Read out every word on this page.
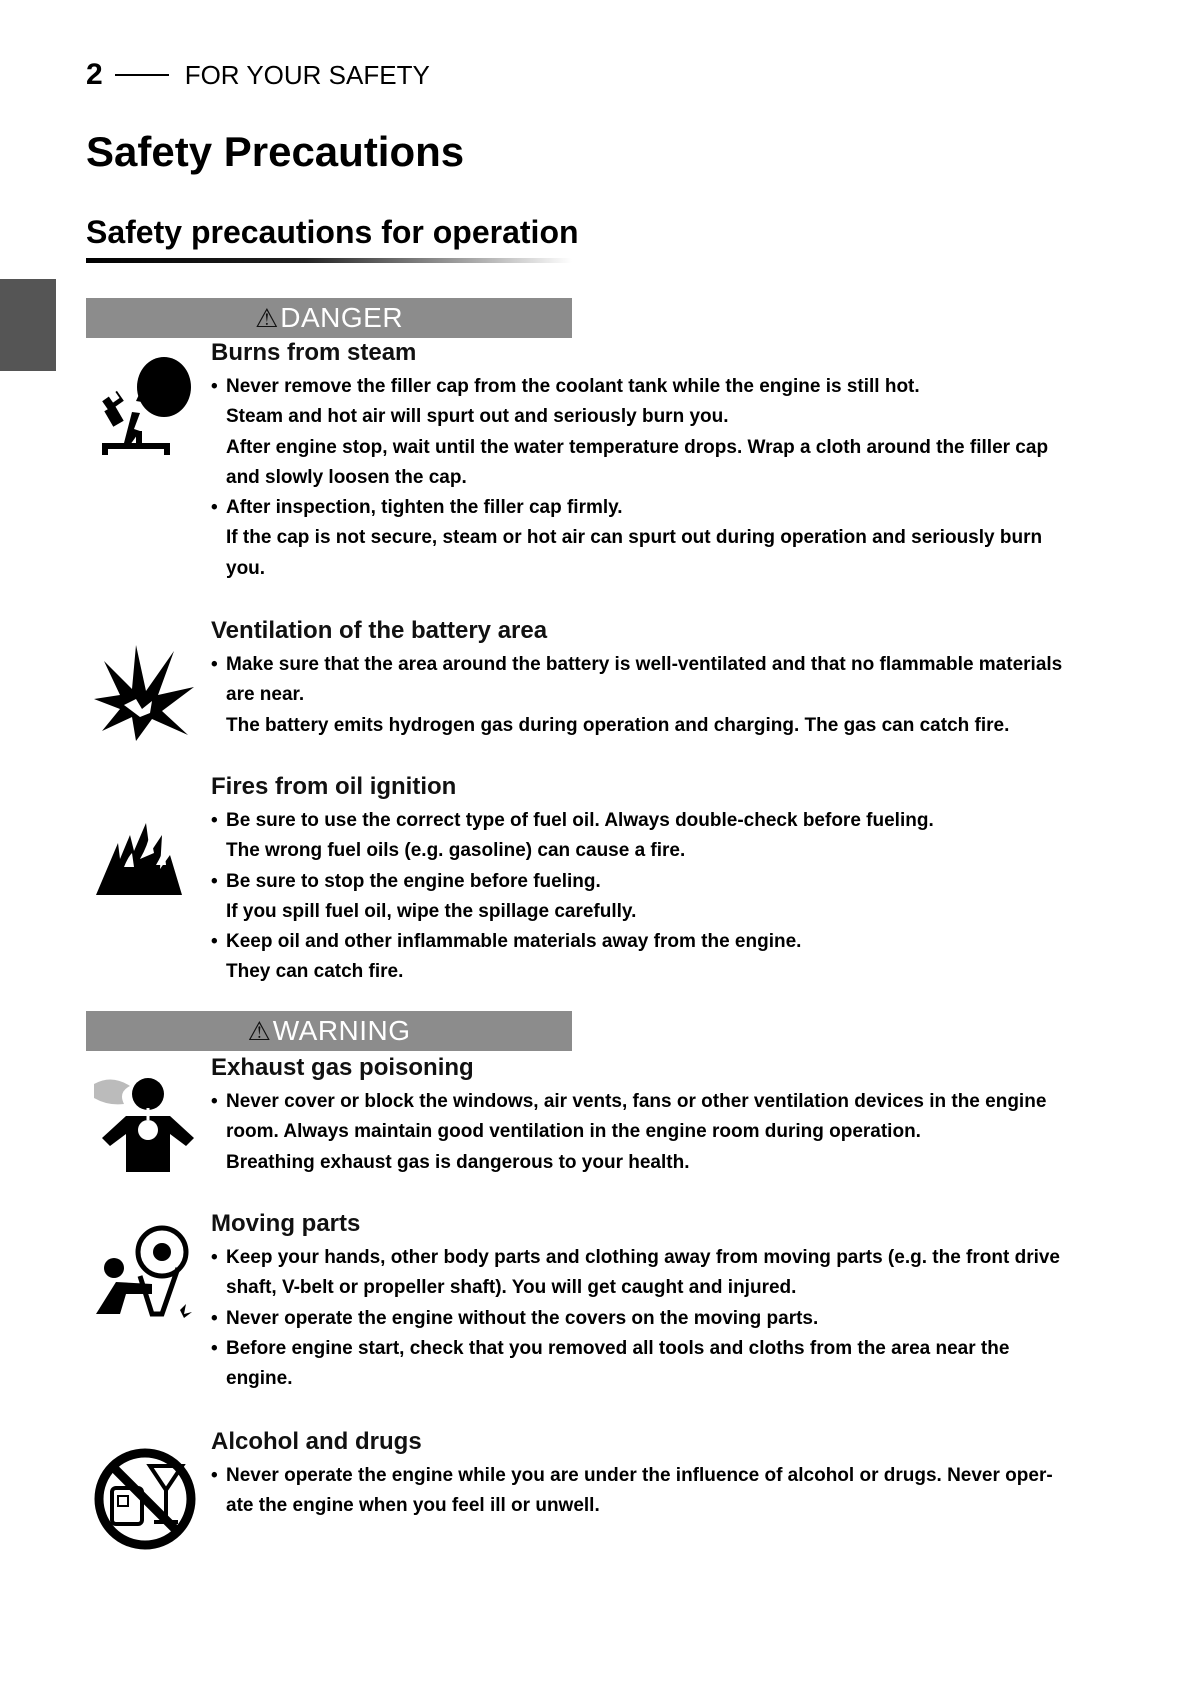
2	FOR YOUR SAFETY
Safety Precautions
Safety precautions for operation
⚠ DANGER
Burns from steam

• Never remove the filler cap from the coolant tank while the engine is still hot.

Steam and hot air will spurt out and seriously burn you.

After engine stop, wait until the water temperature drops. Wrap a cloth around the filler cap

and slowly loosen the cap.

• After inspection, tighten the filler cap firmly.

If the cap is not secure, steam or hot air can spurt out during operation and seriously burn

you.

Ventilation of the battery area

• Make sure that the area around the battery is well-ventilated and that no flammable materials

are near.

The battery emits hydrogen gas during operation and charging. The gas can catch fire.

Fires from oil ignition

• Be sure to use the correct type of fuel oil. Always double-check before fueling.

The wrong fuel oils (e.g. gasoline) can cause a fire.

• Be sure to stop the engine before fueling.

If you spill fuel oil, wipe the spillage carefully.

• Keep oil and other inflammable materials away from the engine.

They can catch fire.

⚠ WARNING
Exhaust gas poisoning

• Never cover or block the windows, air vents, fans or other ventilation devices in the engine

room. Always maintain good ventilation in the engine room during operation.

Breathing exhaust gas is dangerous to your health.

Moving parts

• Keep your hands, other body parts and clothing away from moving parts (e.g. the front drive

shaft, V-belt or propeller shaft). You will get caught and injured.

• Never operate the engine without the covers on the moving parts.

• Before engine start, check that you removed all tools and cloths from the area near the

engine.

Alcohol and drugs

• Never operate the engine while you are under the influence of alcohol or drugs. Never oper-

ate the engine when you feel ill or unwell.
